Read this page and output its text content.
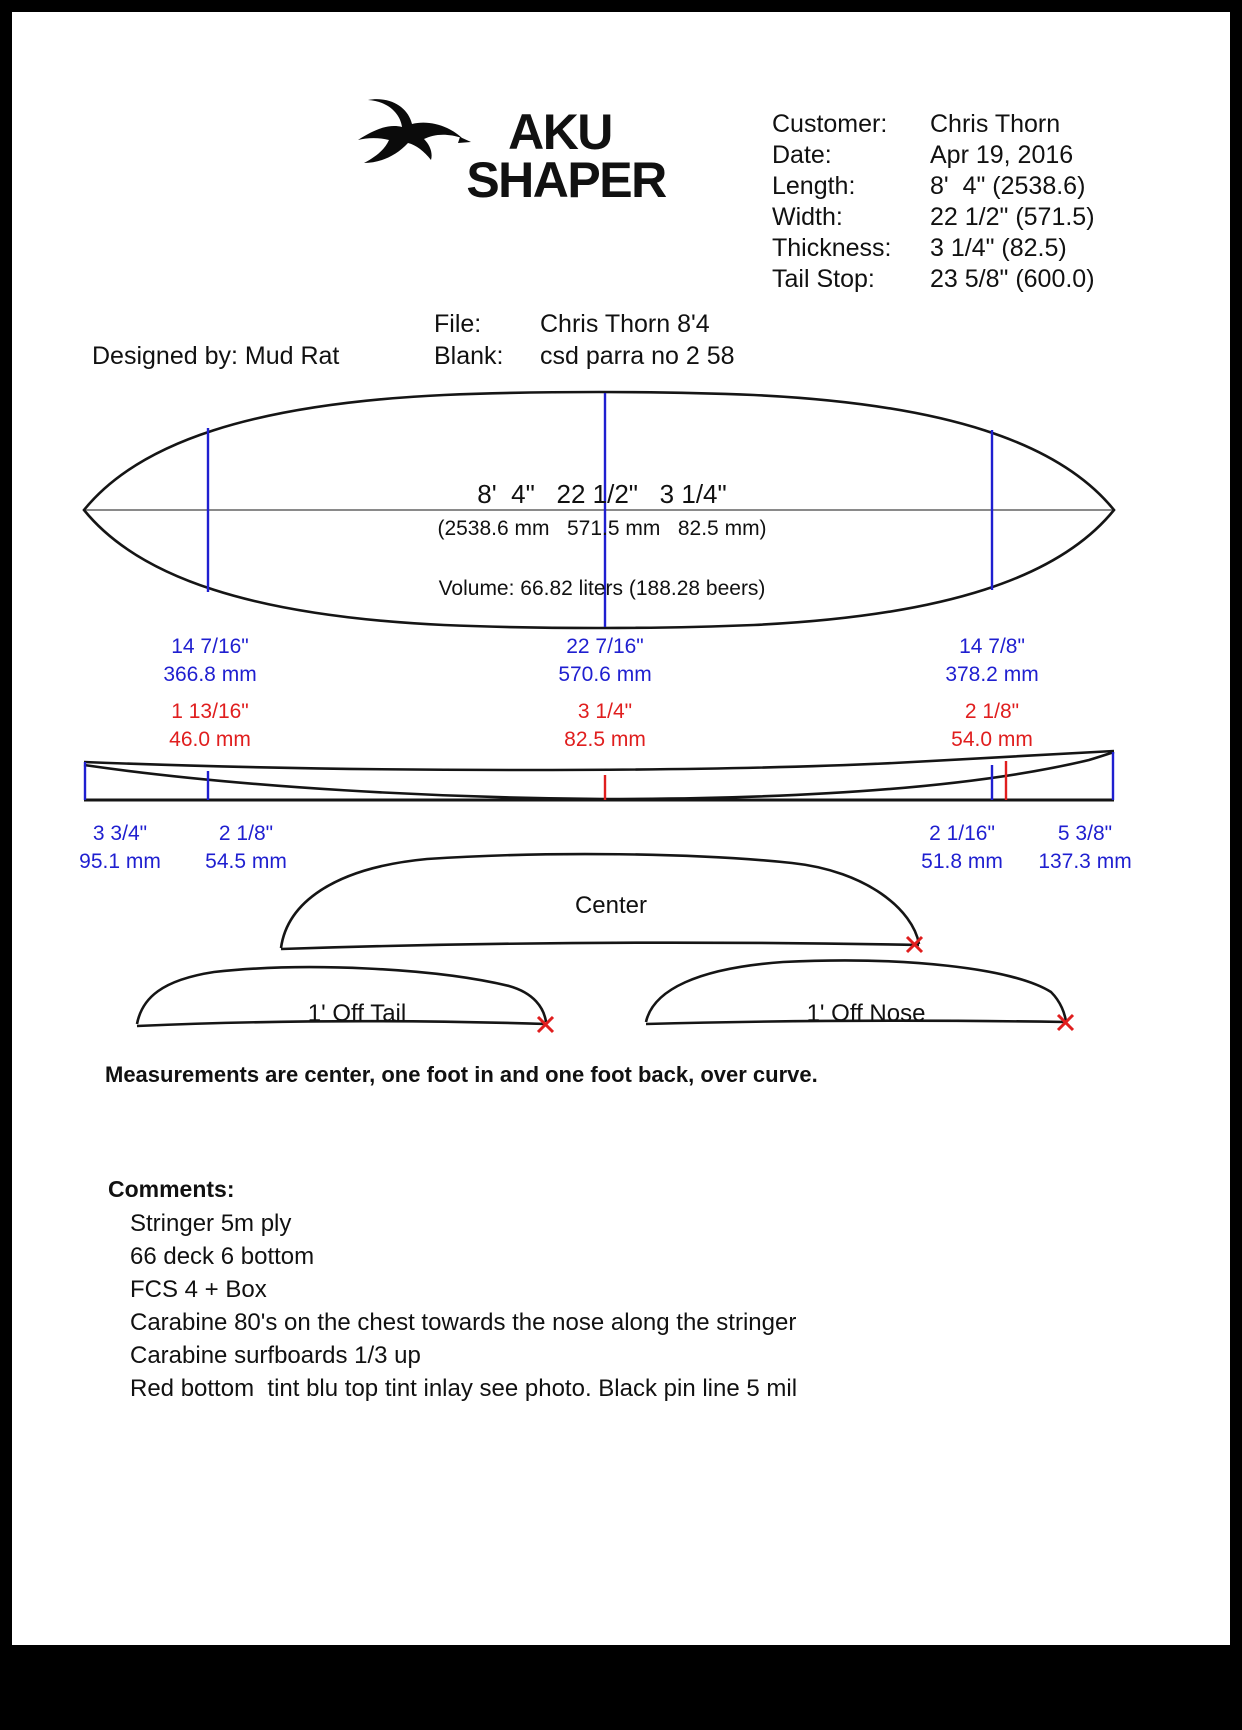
AKU
SHAPER
Customer: Chris Thorn
Date:	Apr 19, 2016
Length:	8'  4" (2538.6)
Width:	22 1/2" (571.5)
Thickness: 3 1/4" (82.5)
Tail Stop: 23 5/8" (600.0)
File: Chris Thorn 8'4
Designed by: Mud Rat	Blank: csd parra no 2 58
8'  4"   22 1/2"   3 1/4"
(2538.6 mm   571.5 mm   82.5 mm)
Volume: 66.82 liters (188.28 beers)
14 7/16"	22 7/16"	14 7/8"
366.8 mm	570.6 mm	378.2 mm
1 13/16"	3 1/4"	2 1/8"
46.0 mm	82.5 mm	54.0 mm
3 3/4"	2 1/8"	2 1/16"	5 3/8"
95.1 mm 54.5 mm	51.8 mm 137.3 mm
Center
1' Off Tail	1' Off Nose
Measurements are center, one foot in and one foot back, over curve.
Comments:
Stringer 5m ply
66 deck 6 bottom
FCS 4 + Box
Carabine 80's on the chest towards the nose along the stringer
Carabine surfboards 1/3 up
Red bottom  tint blu top tint inlay see photo. Black pin line 5 mil
